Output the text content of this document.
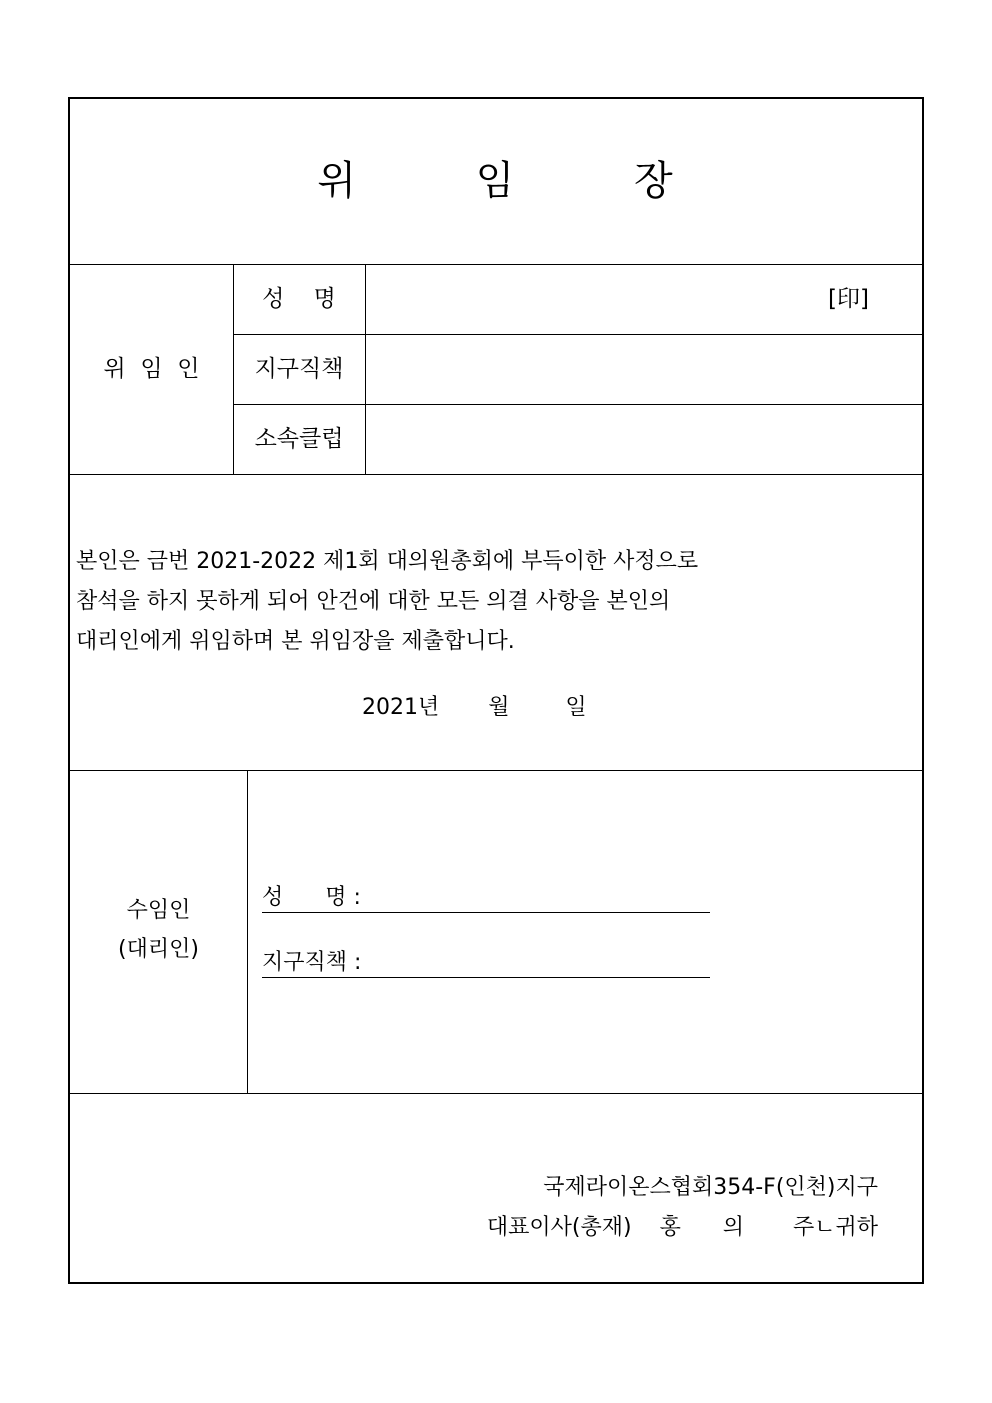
위        임        장
위  임  인
성    명	[印]
지구직책
소속클럽
본인은 금번 2021-2022 제1회 대의원총회에 부득이한 사정으로
참석을 하지 못하게 되어 안건에 대한 모든 의결 사항을 본인의
대리인에게 위임하며 본 위임장을 제출합니다.
2021년       월        일
수임인
(대리인)
성      명 :
지구직책 :
국제라이온스협회354-F(인천)지구
대표이사(총재)    홍      의       주ㄴ귀하
